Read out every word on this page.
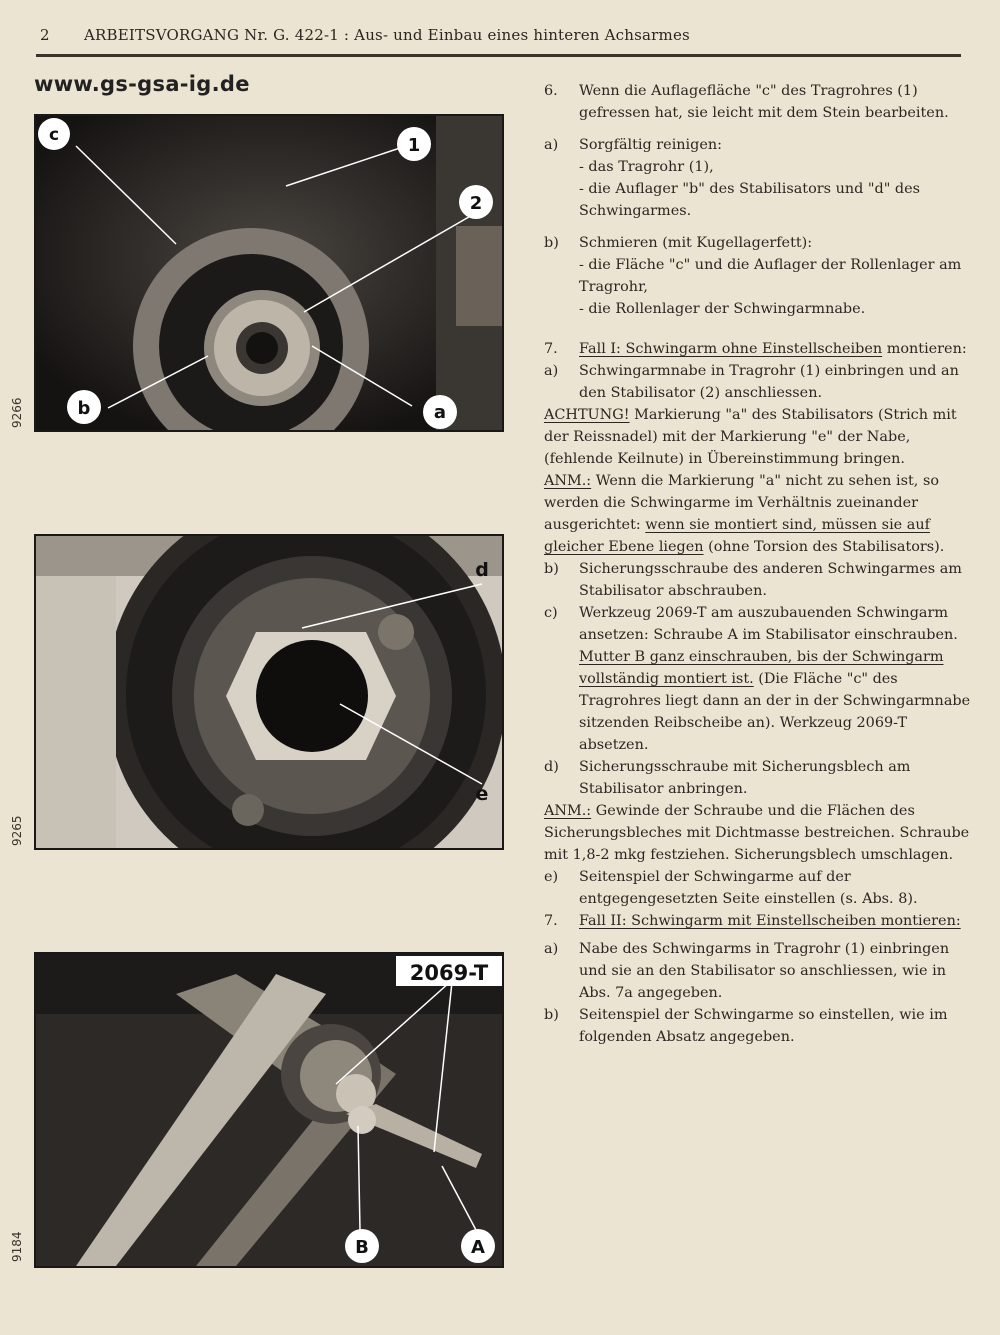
2 ARBEITSVORGANG Nr. G. 422-1 : Aus- und Einbau eines hinteren Achsarmes
www.gs-gsa-ig.de
c	1
2
b	a
9266
d
e
9265
2069-T
B	A
9184
6.	Wenn die Auflagefläche "c" des Tragrohres (1) gefressen hat, sie leicht mit dem Stein bearbeiten.
a) Sorgfältig reinigen:
- das Tragrohr (1),
- die Auflager "b" des Stabilisators und "d" des Schwingarmes.
b) Schmieren (mit Kugellagerfett):
- die Fläche "c" und die Auflager der Rollenlager am Tragrohr,
- die Rollenlager der Schwingarmnabe.
7.	Fall I: Schwingarm ohne Einstellscheiben montieren:
a)	Schwingarmnabe in Tragrohr (1) einbringen und an den Stabilisator (2) anschliessen.
ACHTUNG! Markierung "a" des Stabilisators (Strich mit der Reissnadel) mit der Markierung "e" der Nabe, (fehlende Keilnute) in Übereinstimmung bringen.
ANM.: Wenn die Markierung "a" nicht zu sehen ist, so werden die Schwingarme im Verhältnis zueinander ausgerichtet: wenn sie montiert sind, müssen sie auf gleicher Ebene liegen (ohne Torsion des Stabilisators).
b)	Sicherungsschraube des anderen Schwingarmes am Stabilisator abschrauben.
c)	Werkzeug 2069-T am auszubauenden Schwingarm ansetzen: Schraube A im Stabilisator einschrauben. Mutter B ganz einschrauben, bis der Schwingarm vollständig montiert ist. (Die Fläche "c" des Tragrohres liegt dann an der in der Schwingarmnabe sitzenden Reibscheibe an). Werkzeug 2069-T absetzen.
d)	Sicherungsschraube mit Sicherungsblech am Stabilisator anbringen.
ANM.: Gewinde der Schraube und die Flächen des Sicherungsbleches mit Dichtmasse bestreichen. Schraube mit 1,8-2 mkg festziehen. Sicherungsblech umschlagen.
e)	Seitenspiel der Schwingarme auf der entgegengesetzten Seite einstellen (s. Abs. 8).
7.	Fall II: Schwingarm mit Einstellscheiben montieren:
a)	Nabe des Schwingarms in Tragrohr (1) einbringen und sie an den Stabilisator so anschliessen, wie in Abs. 7a angegeben.
b)	Seitenspiel der Schwingarme so einstellen, wie im folgenden Absatz angegeben.
